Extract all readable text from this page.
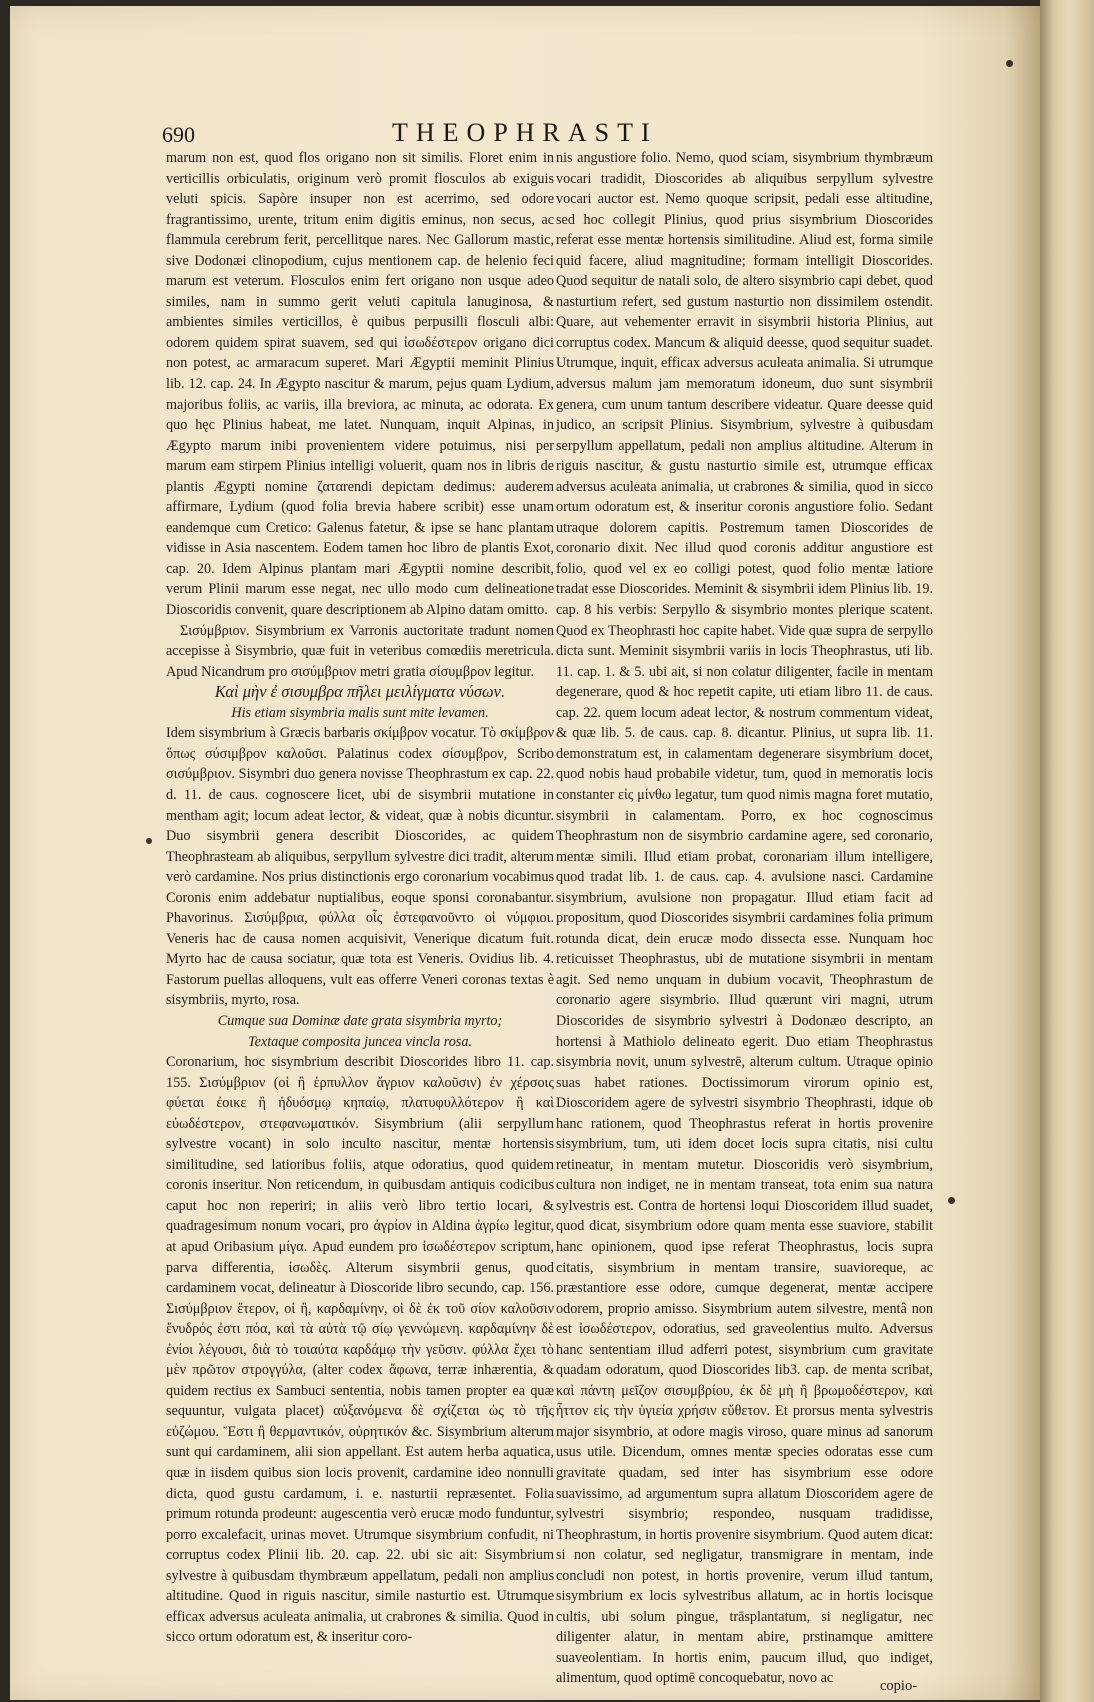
690	THEOPHRASTI

marum non est, quod flos origano non sit similis. Floret enim in verticillis orbiculatis, originum verò promit flosculos ab exiguis veluti spicis. Sapòre insuper non est acerrimo, sed odore fragrantissimo, urente, tritum enim digitis eminus, non secus, ac flammula cerebrum ferit, percellitque nares. Nec Gallorum mastic, sive Dodonæi clinopodium, cujus mentionem cap. de helenio feci marum est veterum. Flosculos enim fert origano non usque adeo similes, nam in summo gerit veluti capitula lanuginosa, & ambientes similes verticillos, è quibus perpusilli flosculi albi: odorem quidem spirat suavem, sed qui ἰσωδέστερον origano dici non potest, ac armaracum superet. Mari Ægyptii meminit Plinius lib. 12. cap. 24. In Ægypto nascitur & marum, pejus quam Lydium, majoribus foliis, ac variis, illa breviora, ac minuta, ac odorata. Ex quo hęc Plinius habeat, me latet. Nunquam, inquit Alpinas, in Ægypto marum inibi provenientem videre potuimus, nisi per marum eam stirpem Plinius intelligi voluerit, quam nos in libris de plantis Ægypti nomine ζαταrendi depictam dedimus: auderem affirmare, Lydium (quod folia brevia habere scribit) esse unam eandemque cum Cretico: Galenus fatetur, & ipse se hanc plantam vidisse in Asia nascentem. Eodem tamen hoc libro de plantis Exot, cap. 20. Idem Alpinus plantam mari Ægyptii nomine describit, verum Plinii marum esse negat, nec ullo modo cum delineatione Dioscoridis convenit, quare descriptionem ab Alpino datam omitto.

Σισύμβριον. Sisymbrium ex Varronis auctoritate tradunt nomen accepisse à Sisymbrio, quæ fuit in veteribus comœdiis meretricula. Apud Nicandrum pro σισύμβριον metri gratia σίσυμβρον legitur.

Καὶ μὴν ἐ σισυμβρα πῆλει μειλίγματα νύσων.

His etiam sisymbria malis sunt mite levamen.

Idem sisymbrium à Græcis barbaris σκίμβρον vocatur. Τὸ σκίμβρον ὅπως σύσιμβρον καλοῦσι. Palatinus codex σίσυμβρον, Scribo σισύμβριον. Sisymbri duo genera novisse Theophrastum ex cap. 22. d. 11. de caus. cognoscere licet, ubi de sisymbrii mutatione in mentham agit; locum adeat lector, & videat, quæ à nobis dicuntur. Duo sisymbrii genera describit Dioscorides, ac quidem Theophrasteam ab aliquibus, serpyllum sylvestre dici tradit, alterum verò cardamine. Nos prius distinctionis ergo coronarium vocabimus Coronis enim addebatur nuptialibus, eoque sponsi coronabantur. Phavorinus. Σισύμβρια, φύλλα οἷς ἐστεφανοῦντο οἱ νύμφιοι. Veneris hac de causa nomen acquisivit, Venerique dicatum fuit. Myrto hac de causa sociatur, quæ tota est Veneris. Ovidius lib. 4. Fastorum puellas alloquens, vult eas offerre Veneri coronas textas è sisymbriis, myrto, rosa.

Cumque sua Dominæ date grata sisymbria myrto;

Textaque composita juncea vincla rosa.

Coronarium, hoc sisymbrium describit Dioscorides libro 11. cap. 155. Σισύμβριον (οἱ ἢ ἑρπυλλον ἄγριον καλοῦσιν) ἐν χέρσοις φύεται ἐοικε ἢ ἡδυόσμῳ κηπαίῳ, πλατυφυλλότερον ἢ καὶ εὐωδέστερον, στεφανωματικόν. Sisymbrium (alii serpyllum sylvestre vocant) in solo inculto nascitur, mentæ hortensis similitudine, sed latioribus foliis, atque odoratius, quod quidem coronis inseritur. Non reticendum, in quibusdam antiquis codicibus caput hoc non reperiri; in aliis verò libro tertio locari, & quadragesimum nonum vocari, pro ἀγρίον in Aldina ἀγρίω legitur, at apud Oribasium μίγα. Apud eundem pro ἰσωδέστερον scriptum, parva differentia, ἰσωδὲς. Alterum sisymbrii genus, quod cardaminem vocat, delineatur à Dioscoride libro secundo, cap. 156. Σισύμβριον ἕτερον, οἱ ἢ, καρδαμίνην, οἱ δὲ ἐκ τοῦ σίον καλοῦσιν ἔνυδρός ἐστι πόα, καὶ τὰ αὐτὰ τῷ σίῳ γεννώμενη. καρδαμίνην δὲ ἐνίοι λέγουσι, διὰ τὸ τοιαύτα καρδάμῳ τὴν γεῦσιν. φύλλα ἔχει τὸ μὲν πρῶτον στρογγύλα, (alter codex ἄφωνα, terræ inhærentia, & quidem rectius ex Sambuci sententia, nobis tamen propter ea quæ sequuntur, vulgata placet) αὐξανόμενα δὲ σχίζεται ὡς τὸ τῆς εὐζώμου. Ἔστι ἢ θερμαντικόν, οὐρητικόν &c. Sisymbrium alterum sunt qui cardaminem, alii sion appellant. Est autem herba aquatica, quæ in iisdem quibus sion locis provenit, cardamine ideo nonnulli dicta, quod gustu cardamum, i. e. nasturtii repræsentet. Folia primum rotunda prodeunt: augescentia verò erucæ modo funduntur, porro excalefacit, urinas movet. Utrumque sisymbrium confudit, ni corruptus codex Plinii lib. 20. cap. 22. ubi sic ait: Sisymbrium sylvestre à quibusdam thymbræum appellatum, pedali non amplius altitudine. Quod in riguis nascitur, simile nasturtio est. Utrumque efficax adversus aculeata animalia, ut crabrones & similia. Quod in sicco ortum odoratum est, & inseritur coro-

nis angustiore folio. Nemo, quod sciam, sisymbrium thymbræum vocari tradidit, Dioscorides ab aliquibus serpyllum sylvestre vocari auctor est. Nemo quoque scripsit, pedali esse altitudine, sed hoc collegit Plinius, quod prius sisymbrium Dioscorides referat esse mentæ hortensis similitudine. Aliud est, forma simile quid facere, aliud magnitudine; formam intelligit Dioscorides. Quod sequitur de natali solo, de altero sisymbrio capi debet, quod nasturtium refert, sed gustum nasturtio non dissimilem ostendit. Quare, aut vehementer erravit in sisymbrii historia Plinius, aut corruptus codex. Mancum & aliquid deesse, quod sequitur suadet. Utrumque, inquit, efficax adversus aculeata animalia. Si utrumque adversus malum jam memoratum idoneum, duo sunt sisymbrii genera, cum unum tantum describere videatur. Quare deesse quid judico, an scripsit Plinius. Sisymbrium, sylvestre à quibusdam serpyllum appellatum, pedali non amplius altitudine. Alterum in riguis nascitur, & gustu nasturtio simile est, utrumque efficax adversus aculeata animalia, ut crabrones & similia, quod in sicco ortum odoratum est, & inseritur coronis angustiore folio. Sedant utraque dolorem capitis. Postremum tamen Dioscorides de coronario dixit. Nec illud quod coronis additur angustiore est folio, quod vel ex eo colligi potest, quod folio mentæ latiore tradat esse Dioscorides. Meminit & sisymbrii idem Plinius lib. 19. cap. 8 his verbis: Serpyllo & sisymbrio montes plerique scatent. Quod ex Theophrasti hoc capite habet. Vide quæ supra de serpyllo dicta sunt. Meminit sisymbrii variis in locis Theophrastus, uti lib. 11. cap. 1. & 5. ubi ait, si non colatur diligenter, facile in mentam degenerare, quod & hoc repetit capite, uti etiam libro 11. de caus. cap. 22. quem locum adeat lector, & nostrum commentum videat, & quæ lib. 5. de caus. cap. 8. dicantur. Plinius, ut supra lib. 11. demonstratum est, in calamentam degenerare sisymbrium docet, quod nobis haud probabile videtur, tum, quod in memoratis locis constanter εἰς μίνθω legatur, tum quod nimis magna foret mutatio, sisymbrii in calamentam. Porro, ex hoc cognoscimus Theophrastum non de sisymbrio cardamine agere, sed coronario, mentæ simili. Illud etiam probat, coronariam illum intelligere, quod tradat lib. 1. de caus. cap. 4. avulsione nasci. Cardamine sisymbrium, avulsione non propagatur. Illud etiam facit ad propositum, quod Dioscorides sisymbrii cardamines folia primum rotunda dicat, dein erucæ modo dissecta esse. Nunquam hoc reticuisset Theophrastus, ubi de mutatione sisymbrii in mentam agit. Sed nemo unquam in dubium vocavit, Theophrastum de coronario agere sisymbrio. Illud quærunt viri magni, utrum Dioscorides de sisymbrio sylvestri à Dodonæo descripto, an hortensi à Mathiolo delineato egerit. Duo etiam Theophrastus sisymbria novit, unum sylvestrē, alterum cultum. Utraque opinio suas habet rationes. Doctissimorum virorum opinio est, Dioscoridem agere de sylvestri sisymbrio Theophrasti, idque ob hanc rationem, quod Theophrastus referat in hortis provenire sisymbrium, tum, uti idem docet locis supra citatis, nisi cultu retineatur, in mentam mutetur. Dioscoridis verò sisymbrium, cultura non indiget, ne in mentam transeat, tota enim sua natura sylvestris est. Contra de hortensi loqui Dioscoridem illud suadet, quod dicat, sisymbrium odore quam menta esse suaviore, stabilit hanc opinionem, quod ipse referat Theophrastus, locis supra citatis, sisymbrium in mentam transire, suavioreque, ac præstantiore esse odore, cumque degenerat, mentæ accipere odorem, proprio amisso. Sisymbrium autem silvestre, mentâ non est ἰσωδέστερον, odoratius, sed graveolentius multo. Adversus hanc sententiam illud adferri potest, sisymbrium cum gravitate quadam odoratum, quod Dioscorides lib3. cap. de menta scribat, καὶ πάντη μεῖζον σισυμβρίου, ἐκ δὲ μὴ ἢ βρωμοδέστερον, καὶ ἧττον εἰς τὴν ὑγιεία χρήσιν εὔθετον. Et prorsus menta sylvestris major sisymbrio, at odore magis viroso, quare minus ad sanorum usus utile. Dicendum, omnes mentæ species odoratas esse cum gravitate quadam, sed inter has sisymbrium esse odore suavissimo, ad argumentum supra allatum Dioscoridem agere de sylvestri sisymbrio; respondeo, nusquam tradidisse, Theophrastum, in hortis provenire sisymbrium. Quod autem dicat: si non colatur, sed negligatur, transmigrare in mentam, inde concludi non potest, in hortis provenire, verum illud tantum, sisymbrium ex locis sylvestribus allatum, ac in hortis locisque cultis, ubi solum pingue, trāsplantatum, si negligatur, nec diligenter alatur, in mentam abire, prstinamque amittere suaveolentiam. In hortis enim, paucum illud, quo indiget, alimentum, quod optimē concoquebatur, novo ac	copio-
